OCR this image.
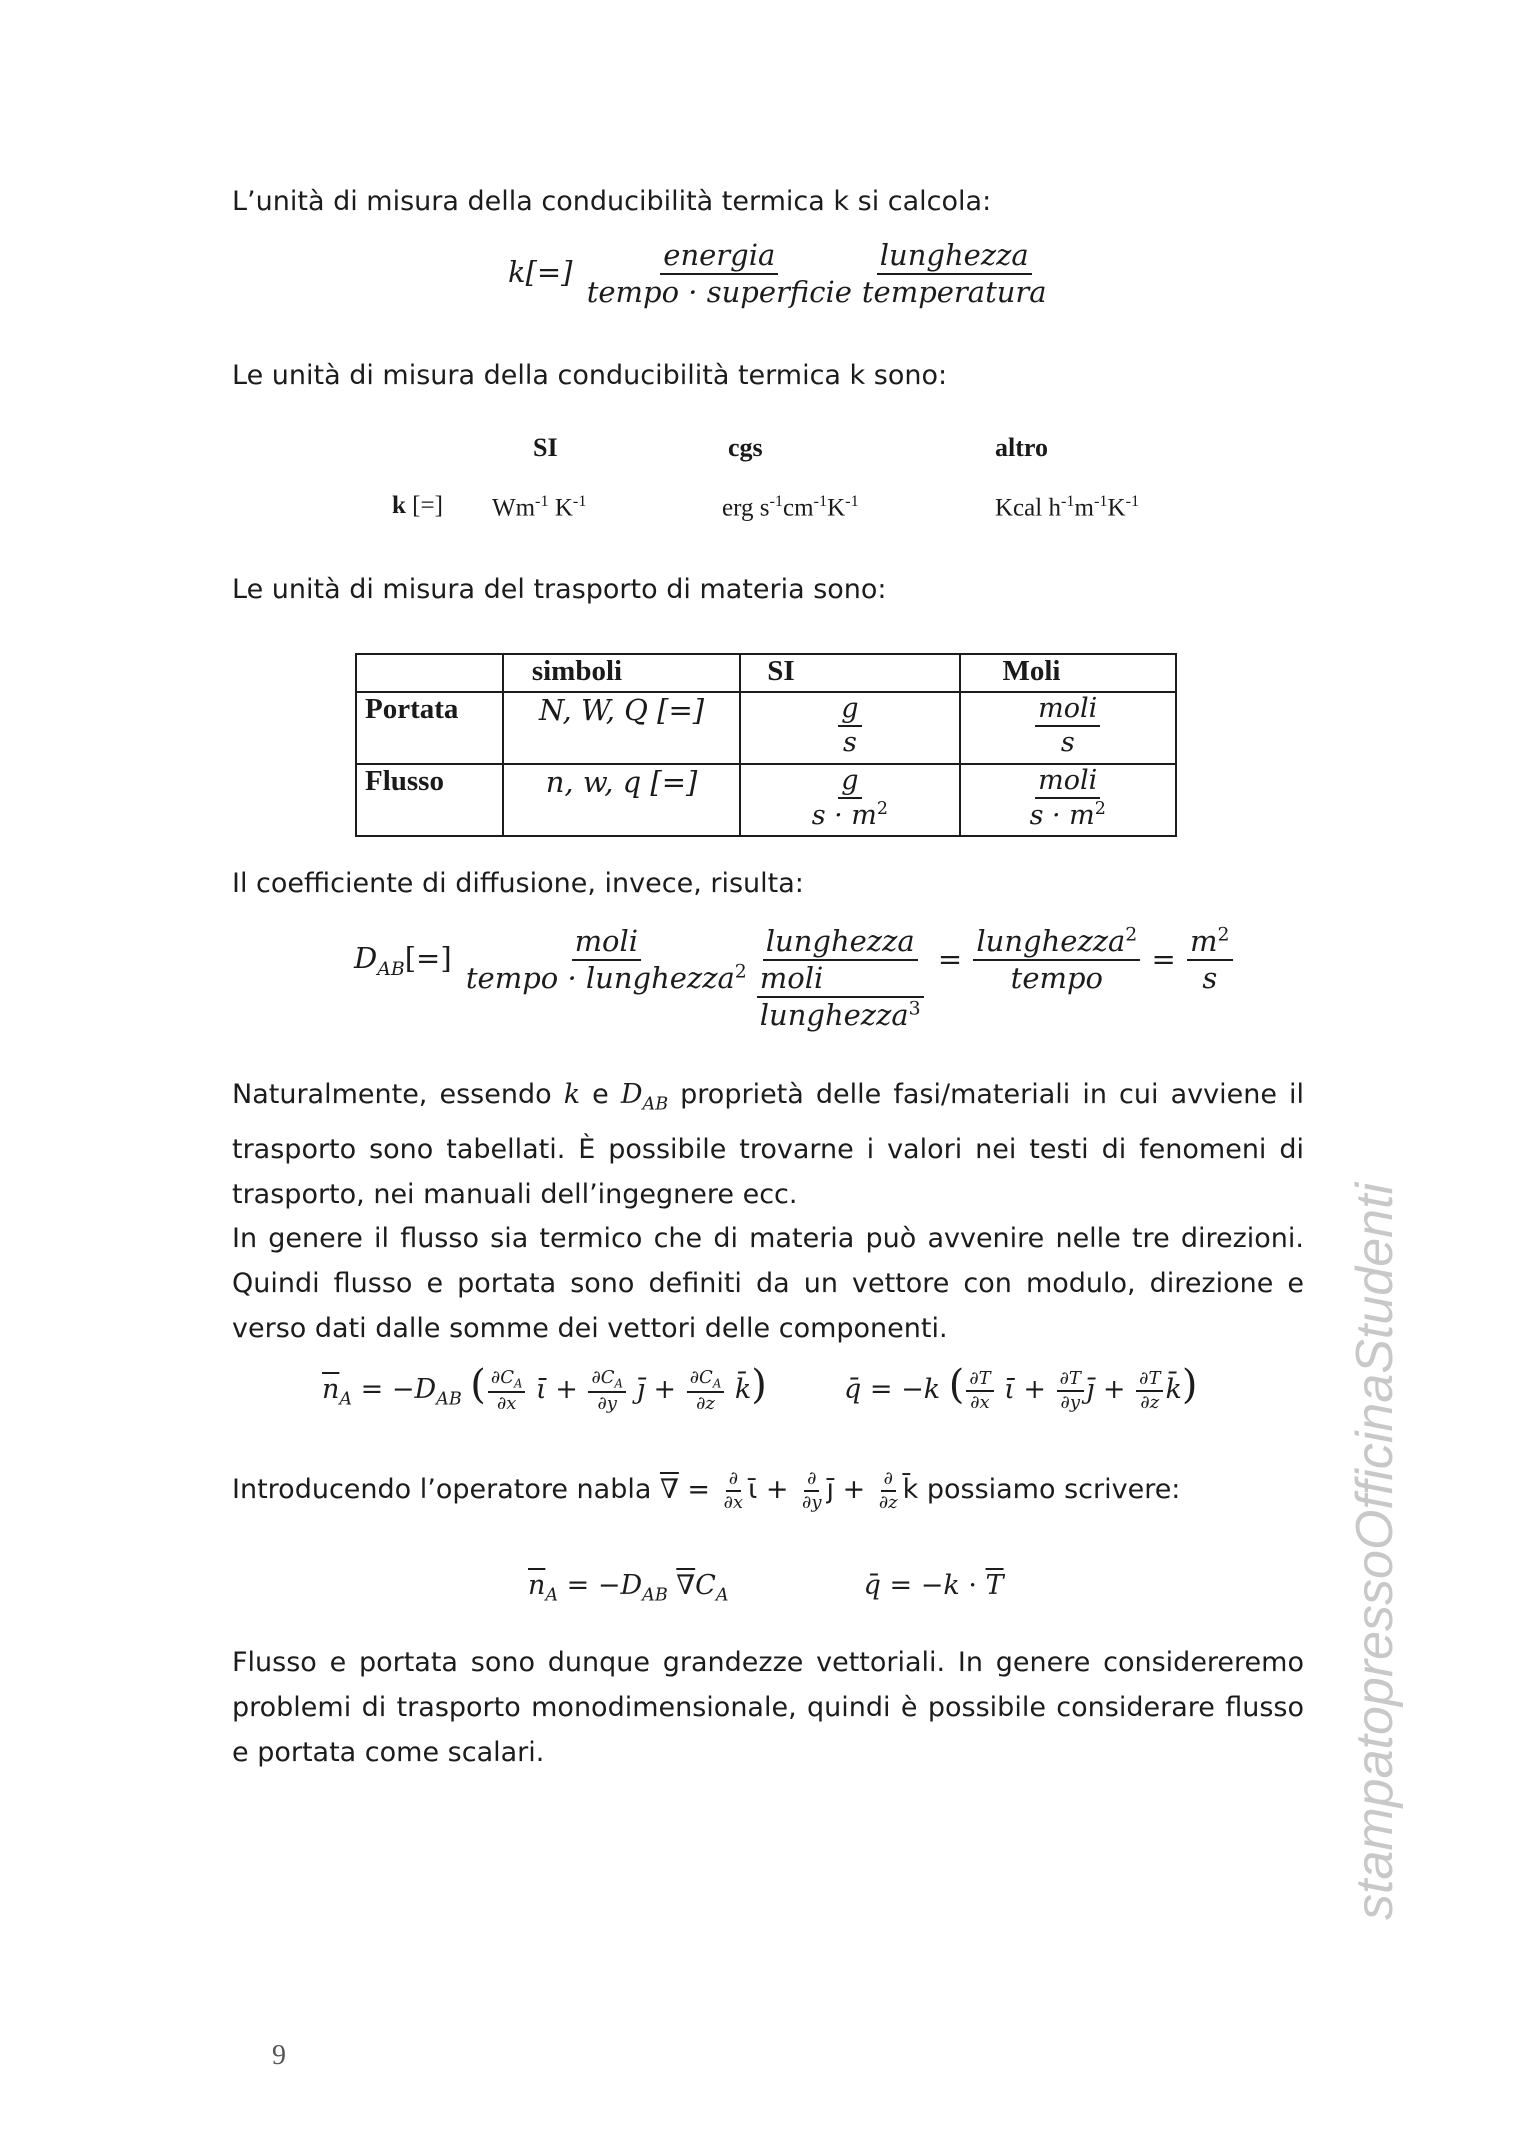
L’unità di misura della conducibilità termica k si calcola:
$k[=] \frac{\text{energia}}{\text{tempo · superficie}} \frac{\text{lunghezza}}{\text{temperatura}}$
Le unità di misura della conducibilità termica k sono:
SI	cgs	altro
k [=] $Wm^{-1}$ $K^{-1}$	erg $s^{-1}cm^{-1}K^{-1}$	Kcal $h^{-1}m^{-1}K^{-1}$
Le unità di misura del trasporto di materia sono:
	simboli	SI	Moli
Portata	N, W, Q [=]	$\frac{g}{s}$	$\frac{\text{moli}}{s}$

Flusso	n, w, q [=]	$\frac{g}{s \cdot m^2}$	$\frac{\text{moli}}{s \cdot m^2}$
Il coefficiente di diffusione, invece, risulta:
$D_{AB}[=] \frac{\text{moli}}{tempo \cdot lunghezza^2} \frac{\text{lunghezza}}{\frac{\text{moli}}{lunghezza^3}} = \frac{lunghezza^2}{\text{tempo}} = \frac{m^2}{s}$
Naturalmente, essendo k e $D_{AB}$ proprietà delle fasi/materiali in cui avviene il trasporto sono tabellati. È possibile trovarne i valori nei testi di fenomeni di trasporto, nei manuali dell’ingegnere ecc.
In genere il flusso sia termico che di materia può avvenire nelle tre direzioni. Quindi flusso e portata sono definiti da un vettore con modulo, direzione e verso dati dalle somme dei vettori delle componenti.
$\overline{n}_A = -D_{AB}$ ( $\frac{\partial C_A}{\partial x}$ ῑ + $\frac{\partial C_A}{\partial y}$ ȷ̄ + $\frac{\partial C_A}{\partial z}$ k̄)	q̄ = −k ( $\frac{\partial T}{\partial x}$ ῑ + $\frac{\partial T}{\partial y}$ ȷ̄ + $\frac{\partial T}{\partial z}$ k̄)
Introducendo l’operatore nabla ∇ = $\frac{\partial}{\partial x}$ ῑ + $\frac{\partial}{\partial y}$ ȷ̄ + $\frac{\partial}{\partial z}$ k̄ possiamo scrivere:
$\overline{n}_A = -D_{AB}$ $\nabla C_A$	q̄ = $-k \cdot \overline{T}$
Flusso e portata sono dunque grandezze vettoriali. In genere considereremo problemi di trasporto monodimensionale, quindi è possibile considerare flusso e portata come scalari.	stampatopressoOfficinaStudenti
9
